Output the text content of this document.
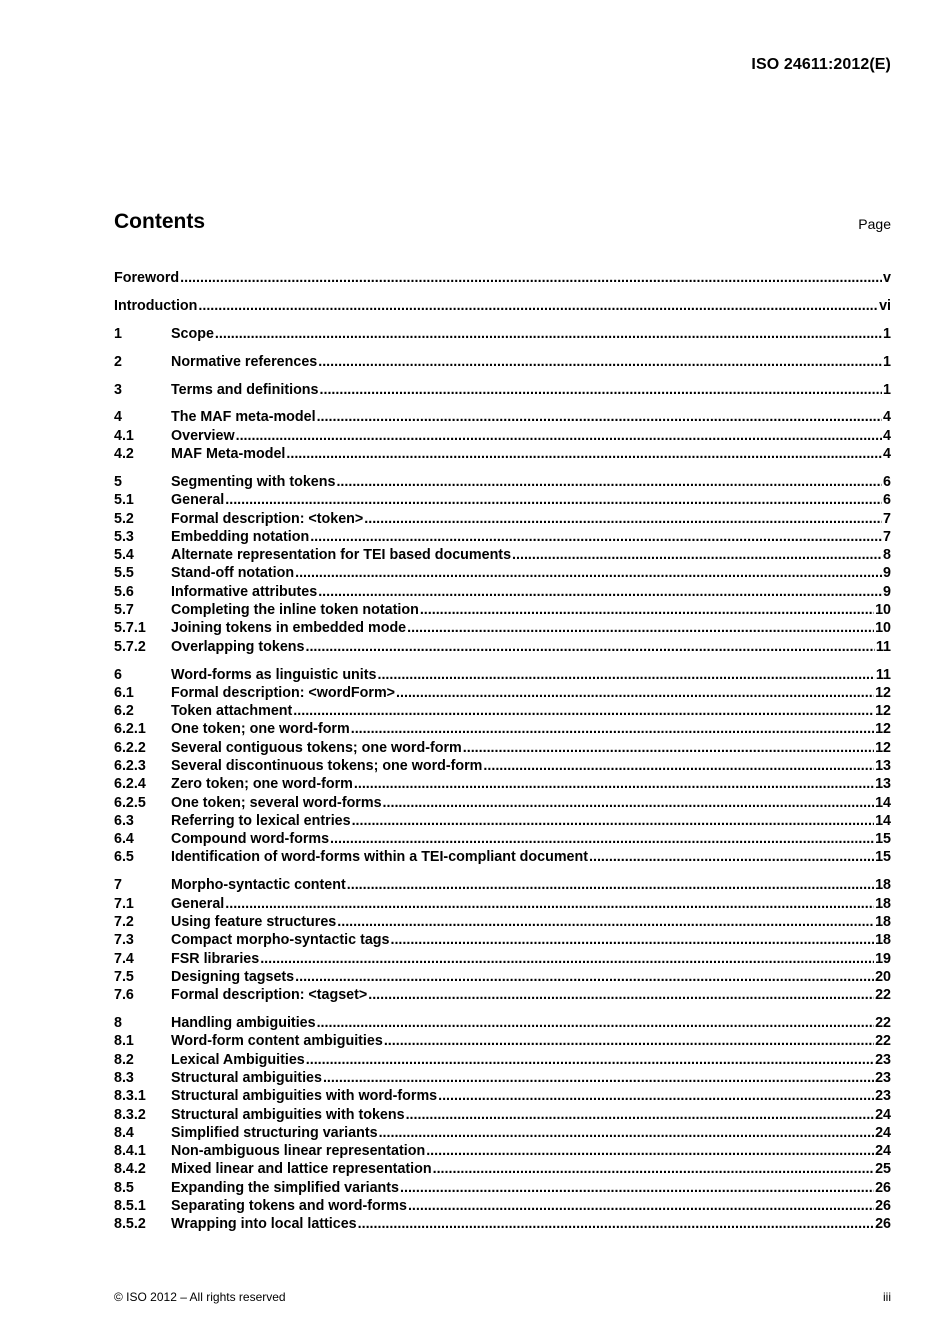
ISO 24611:2012(E)
Contents	Page
Foreword .....	v
Introduction .....	vi
1	Scope .....	1
2	Normative references .....	1
3	Terms and definitions .....	1
4	The MAF meta-model .....	4
4.1	Overview .....	4
4.2	MAF Meta-model .....	4
5	Segmenting with tokens .....	6
5.1	General .....	6
5.2	Formal description: <token> .....	7
5.3	Embedding notation .....	7
5.4	Alternate representation for TEI based documents .....	8
5.5	Stand-off notation .....	9
5.6	Informative attributes .....	9
5.7	Completing the inline token notation .....	10
5.7.1	Joining tokens in embedded mode .....	10
5.7.2	Overlapping tokens .....	11
6	Word-forms as linguistic units .....	11
6.1	Formal description: <wordForm> .....	12
6.2	Token attachment .....	12
6.2.1	One token; one word-form .....	12
6.2.2	Several contiguous tokens; one word-form .....	12
6.2.3	Several discontinuous tokens; one word-form .....	13
6.2.4	Zero token; one word-form .....	13
6.2.5	One token; several word-forms .....	14
6.3	Referring to lexical entries .....	14
6.4	Compound word-forms .....	15
6.5	Identification of word-forms within a TEI-compliant document .....	15
7	Morpho-syntactic content .....	18
7.1	General .....	18
7.2	Using feature structures .....	18
7.3	Compact morpho-syntactic tags .....	18
7.4	FSR libraries .....	19
7.5	Designing tagsets .....	20
7.6	Formal description: <tagset> .....	22
8	Handling ambiguities .....	22
8.1	Word-form content ambiguities .....	22
8.2	Lexical Ambiguities .....	23
8.3	Structural ambiguities .....	23
8.3.1	Structural ambiguities with word-forms .....	23
8.3.2	Structural ambiguities with tokens .....	24
8.4	Simplified structuring variants .....	24
8.4.1	Non-ambiguous linear representation .....	24
8.4.2	Mixed linear and lattice representation .....	25
8.5	Expanding the simplified variants .....	26
8.5.1	Separating tokens and word-forms .....	26
8.5.2	Wrapping into local lattices .....	26
© ISO 2012 – All rights reserved	iii
